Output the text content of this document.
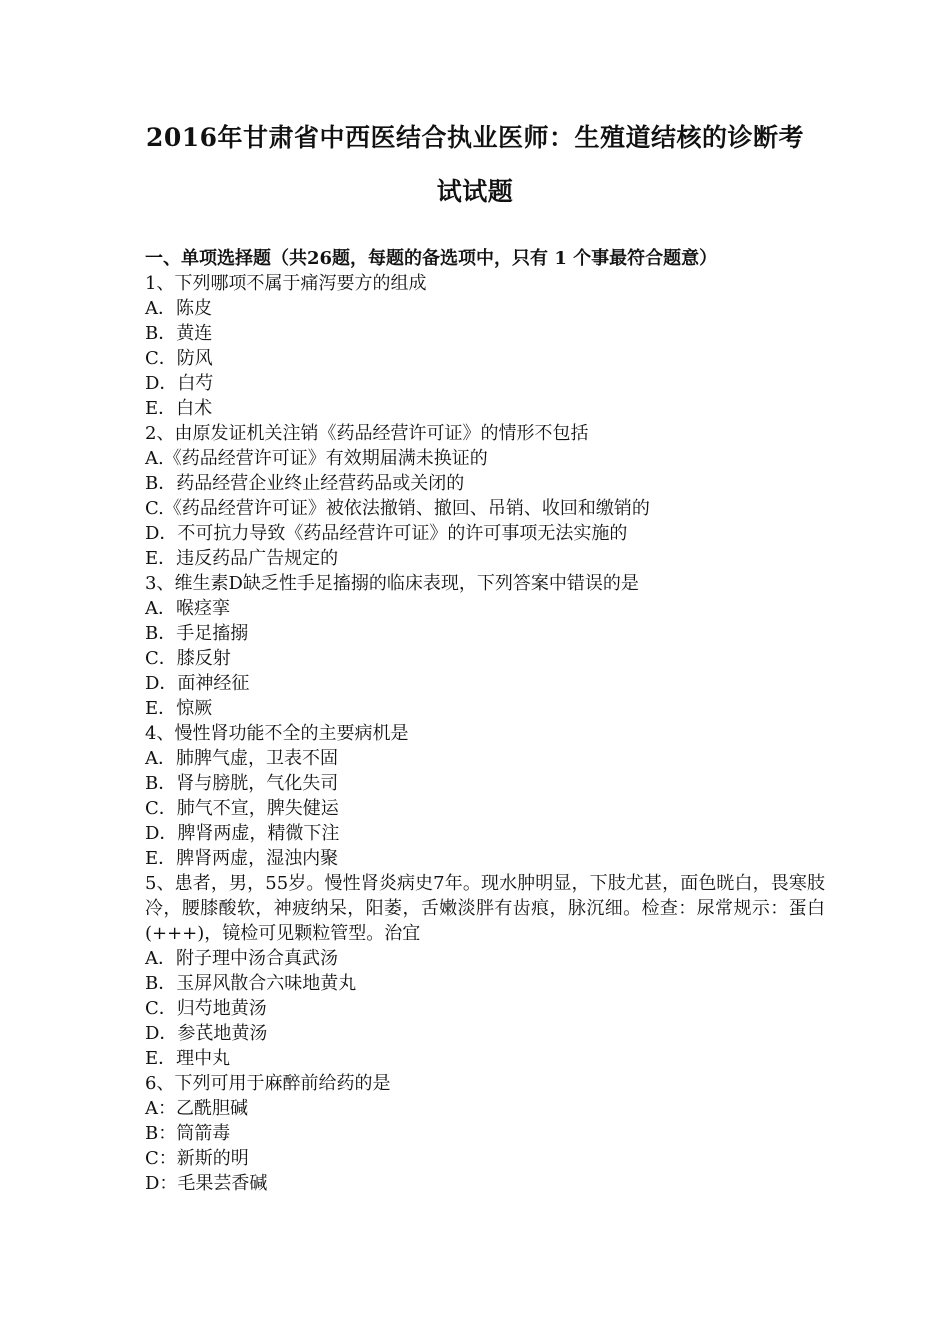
2016年甘肃省中西医结合执业医师：生殖道结核的诊断考
试试题
一、单项选择题（共26题，每题的备选项中，只有 1 个事最符合题意）
1、下列哪项不属于痛泻要方的组成
A．陈皮
B．黄连
C．防风
D．白芍
E．白术
2、由原发证机关注销《药品经营许可证》的情形不包括
A.《药品经营许可证》有效期届满未换证的
B．药品经营企业终止经营药品或关闭的
C.《药品经营许可证》被依法撤销、撤回、吊销、收回和缴销的
D．不可抗力导致《药品经营许可证》的许可事项无法实施的
E．违反药品广告规定的
3、维生素D缺乏性手足搐搦的临床表现，下列答案中错误的是
A．喉痉挛
B．手足搐搦
C．膝反射
D．面神经征
E．惊厥
4、慢性肾功能不全的主要病机是
A．肺脾气虚，卫表不固
B．肾与膀胱，气化失司
C．肺气不宣，脾失健运
D．脾肾两虚，精微下注
E．脾肾两虚，湿浊内聚
5、患者，男，55岁。慢性肾炎病史7年。现水肿明显，下肢尤甚，面色晄白，畏寒肢冷，腰膝酸软，神疲纳呆，阳萎，舌嫩淡胖有齿痕，脉沉细。检查：尿常规示：蛋白(+++)，镜检可见颗粒管型。治宜
A．附子理中汤合真武汤
B．玉屏风散合六味地黄丸
C．归芍地黄汤
D．参芪地黄汤
E．理中丸
6、下列可用于麻醉前给药的是
A：乙酰胆碱
B：筒箭毒
C：新斯的明
D：毛果芸香碱
